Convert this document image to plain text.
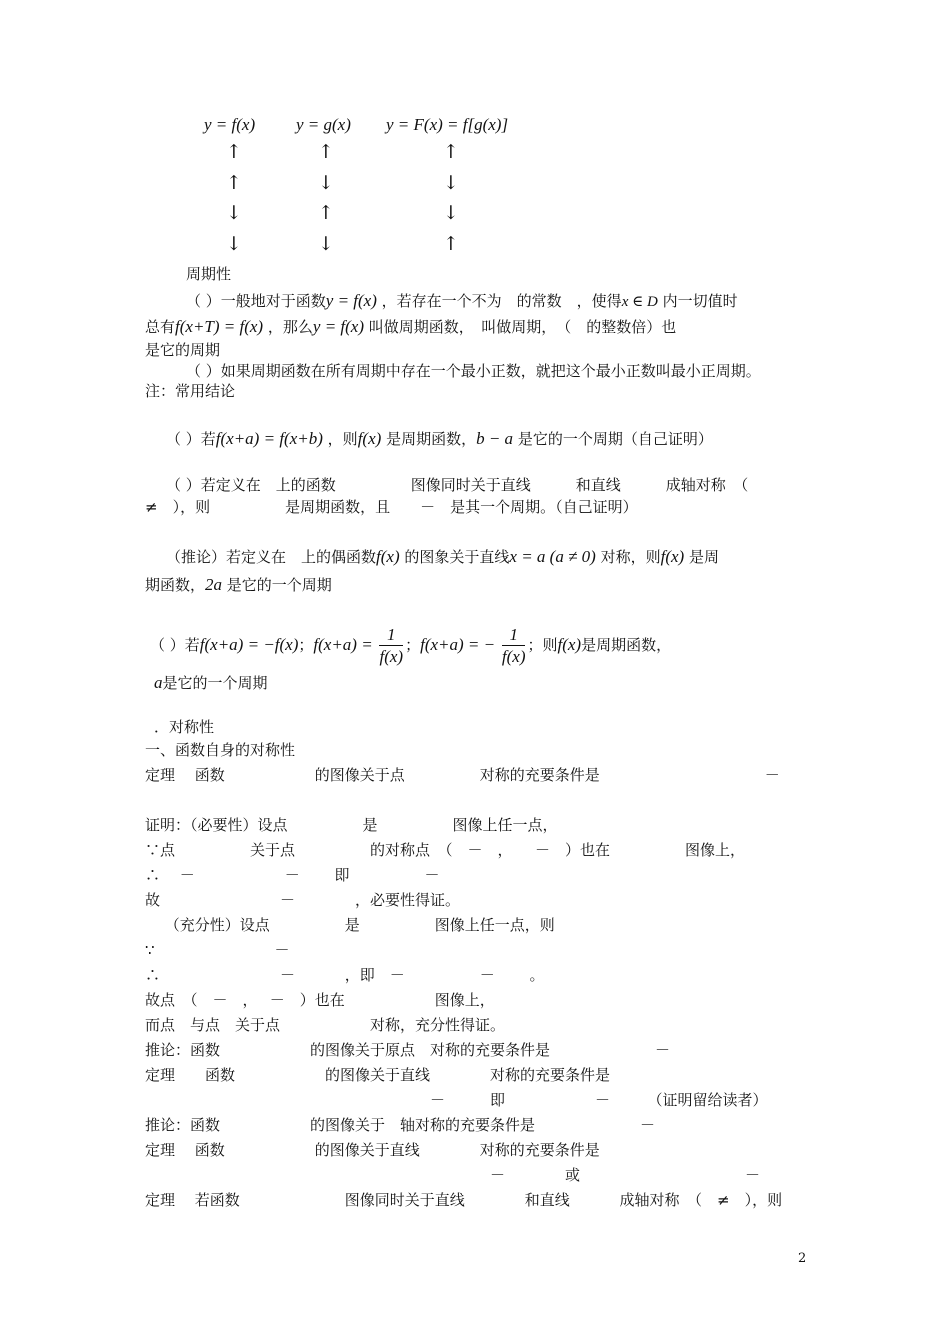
y = f(x) y = g(x) y = F(x) = f[g(x)]
↑	↑	↑
↑	↓	↓
↓	↑	↓
↓	↓	↑
周期性
（ ）一般地对于函数y = f(x) ，若存在一个不为　的常数　，使得x ∈ D 内一切值时
总有f(x+T) = f(x) ，那么y = f(x) 叫做周期函数，　叫做周期，　（　的整数倍）也
是它的周期
（ ）如果周期函数在所有周期中存在一个最小正数，就把这个最小正数叫最小正周期。
注：常用结论
（ ）若f(x+a) = f(x+b) ，则f(x) 是周期函数，b − a 是它的一个周期（自己证明）
（ ）若定义在　上的函数　　　　　图像同时关于直线　　　和直线　　　成轴对称　（
≠　），则　　　　　是周期函数，且　　－　是其一个周期。（自己证明）
（推论）若定义在　上的偶函数f(x) 的图象关于直线x = a (a ≠ 0) 对称，则f(x) 是周
期函数，2a 是它的一个周期
（ ）若f(x+a) = −f(x)；$f(x+a) = \frac{1}{f(x)}$ ；f(x+a) = − $\frac{1}{f(x)}$ ；则f(x)是周期函数，
a是它的一个周期
．对称性
一、函数自身的对称性
定理　 函数　　　　　　的图像关于点　　　　　对称的充要条件是　　　　　　　　　　　－
证明：（必要性）设点　　　　　是　　　　　图像上任一点，
∵点　　　　　关于点　　　　　的对称点　（　－　，　　－　）也在　　　　　图像上，
∴　 －　　　　　　－　　 即　　　　　－
故　　　　　　　　－　　　　，必要性得证。
　 （充分性）设点　　　　　是　　　　　图像上任一点，则
∵　　　　　　　　－
∴　　　　　　　　－　　　 ，即　－　　　　　－　　 。
故点　（　－　，　 －　）也在　　　　　　图像上，
而点　与点　关于点　　　　　　对称，充分性得证。
推论：函数　　　　　　的图像关于原点　对称的充要条件是　　　　　　　－
定理　　函数　　　　　　的图像关于直线　　　　对称的充要条件是
　　　　　　　　　　　　　　　　　　　－　　　即　　　　　　－　　　（证明留给读者）
推论：函数　　　　　　的图像关于　轴对称的充要条件是　　　　　　　－
定理　 函数　　　　　　的图像关于直线　　　　对称的充要条件是
　　　　　　　　　　　　　　　　　　　　　　　－　　　　或　　　　　　　　　　　－
定理　 若函数　　　　　　　图像同时关于直线　　　　和直线　　　 成轴对称　（　≠　），则
2
